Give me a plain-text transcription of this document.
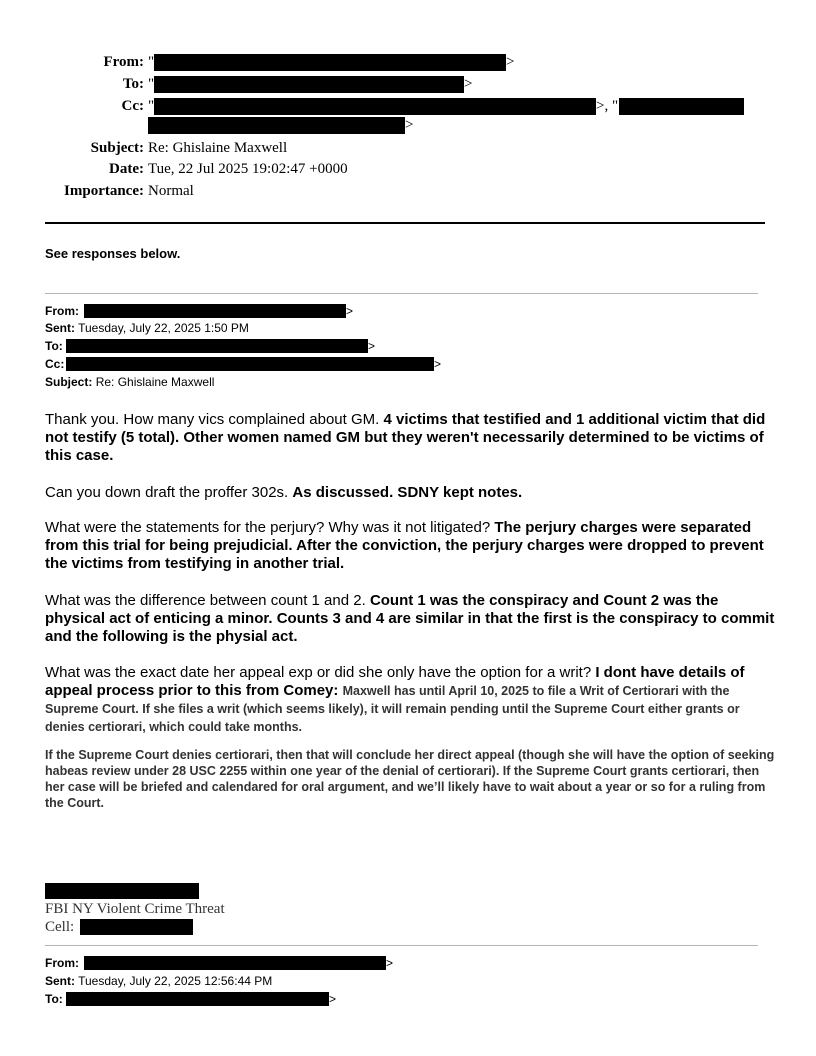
From: "	>
To: "	>
Cc: "	>, "
>
Subject: Re: Ghislaine Maxwell
Date: Tue, 22 Jul 2025 19:02:47 +0000
Importance: Normal
See responses below.
From:	>
Sent: Tuesday, July 22, 2025 1:50 PM
To:	>
Cc:	>
Subject: Re: Ghislaine Maxwell
Thank you. How many vics complained about GM. 4 victims that testified and 1 additional victim that did not testify (5 total). Other women named GM but they weren't necessarily determined to be victims of this case.
Can you down draft the proffer 302s. As discussed. SDNY kept notes.
What were the statements for the perjury? Why was it not litigated? The perjury charges were separated from this trial for being prejudicial. After the conviction, the perjury charges were dropped to prevent the victims from testifying in another trial.
What was the difference between count 1 and 2. Count 1 was the conspiracy and Count 2 was the physical act of enticing a minor. Counts 3 and 4 are similar in that the first is the conspiracy to commit and the following is the physial act.
What was the exact date her appeal exp or did she only have the option for a writ? I dont have details of appeal process prior to this from Comey: Maxwell has until April 10, 2025 to file a Writ of Certiorari with the Supreme Court. If she files a writ (which seems likely), it will remain pending until the Supreme Court either grants or denies certiorari, which could take months.
If the Supreme Court denies certiorari, then that will conclude her direct appeal (though she will have the option of seeking habeas review under 28 USC 2255 within one year of the denial of certiorari). If the Supreme Court grants certiorari, then her case will be briefed and calendared for oral argument, and we’ll likely have to wait about a year or so for a ruling from the Court.
FBI NY Violent Crime Threat
Cell:
From:	>
Sent: Tuesday, July 22, 2025 12:56:44 PM
To:	>
